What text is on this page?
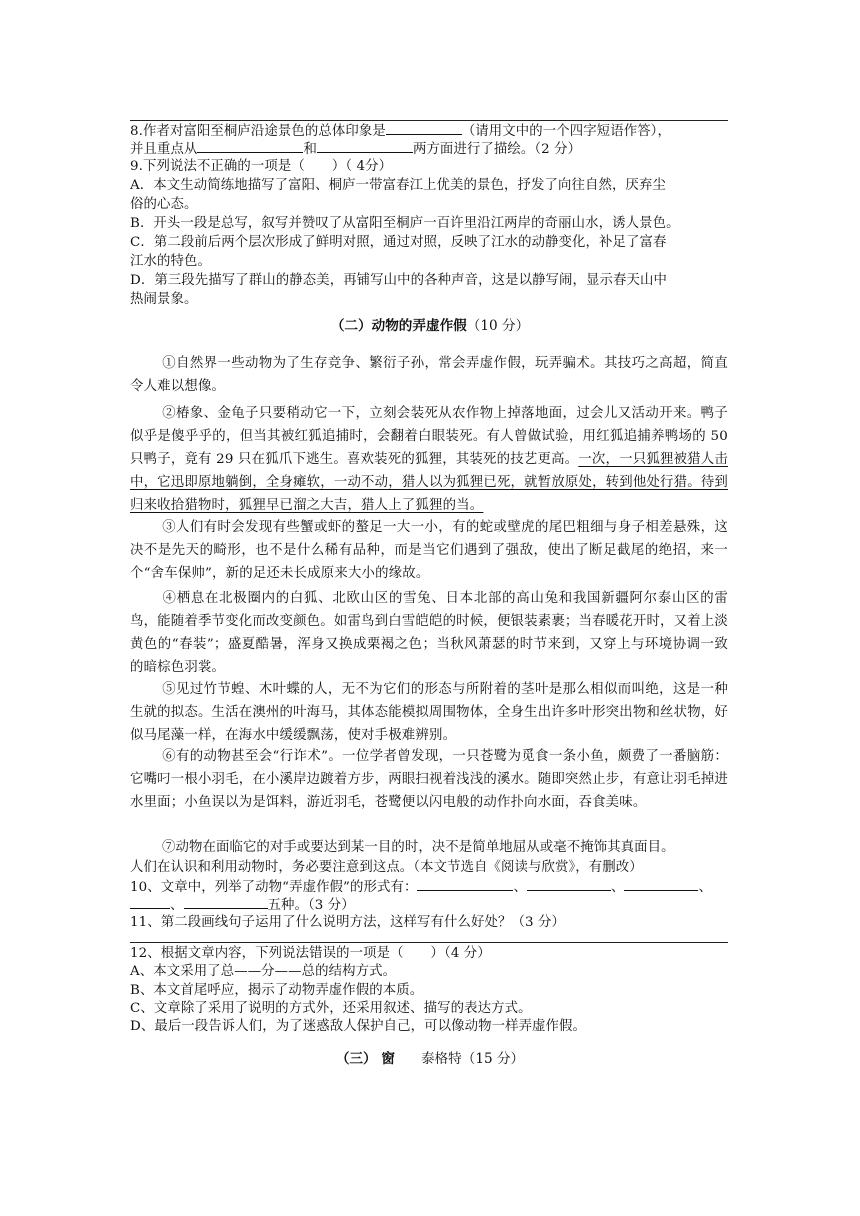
8.作者对富阳至桐庐沿途景色的总体印象是	（请用文中的一个四字短语作答），
并且重点从	和	两方面进行了描绘。（2 分）
9.下列说法不正确的一项是（　　）（ 4分）
A．本文生动简练地描写了富阳、桐庐一带富春江上优美的景色，抒发了向往自然，厌弃尘
俗的心态。
B．开头一段是总写，叙写并赞叹了从富阳至桐庐一百许里沿江两岸的奇丽山水，诱人景色。
C．第二段前后两个层次形成了鲜明对照，通过对照，反映了江水的动静变化，补足了富春
江水的特色。
D．第三段先描写了群山的静态美，再铺写山中的各种声音，这是以静写闹，显示春天山中
热闹景象。
（二）动物的弄虚作假（10 分）
①自然界一些动物为了生存竞争、繁衍子孙，常会弄虚作假，玩弄骗术。其技巧之高超，简直令人难以想像。
②椿象、金龟子只要稍动它一下，立刻会装死从农作物上掉落地面，过会儿又活动开来。鸭子似乎是傻乎乎的，但当其被红狐追捕时，会翻着白眼装死。有人曾做试验，用红狐追捕养鸭场的 50 只鸭子，竟有 29 只在狐爪下逃生。喜欢装死的狐狸，其装死的技艺更高。一次，一只狐狸被猎人击中，它迅即原地躺倒，全身瘫软，一动不动，猎人以为狐狸已死，就暂放原处，转到他处行猎。待到归来收拾猎物时，狐狸早已溜之大吉，猎人上了狐狸的当。
③人们有时会发现有些蟹或虾的螯足一大一小，有的蛇或壁虎的尾巴粗细与身子相差悬殊，这决不是先天的畸形，也不是什么稀有品种，而是当它们遇到了强敌，使出了断足截尾的绝招，来一个“舍车保帅”，新的足还未长成原来大小的缘故。
④栖息在北极圈内的白狐、北欧山区的雪兔、日本北部的高山兔和我国新疆阿尔泰山区的雷鸟，能随着季节变化而改变颜色。如雷鸟到白雪皑皑的时候，便银装素裹；当春暖花开时，又着上淡黄色的“春装”；盛夏酷暑，浑身又换成栗褐之色；当秋风萧瑟的时节来到，又穿上与环境协调一致的暗棕色羽裳。
⑤见过竹节蝗、木叶蝶的人，无不为它们的形态与所附着的茎叶是那么相似而叫绝，这是一种生就的拟态。生活在澳州的叶海马，其体态能模拟周围物体，全身生出许多叶形突出物和丝状物，好似马尾藻一样，在海水中缓缓飘荡，使对手极难辨别。
⑥有的动物甚至会“行诈术”。一位学者曾发现，一只苍鹭为觅食一条小鱼，颇费了一番脑筋：它嘴叼一根小羽毛，在小溪岸边踱着方步，两眼扫视着浅浅的溪水。随即突然止步，有意让羽毛掉进水里面；小鱼误以为是饵料，游近羽毛，苍鹭便以闪电般的动作扑向水面，吞食美味。
⑦动物在面临它的对手或要达到某一目的时，决不是简单地屈从或毫不掩饰其真面目。
人们在认识和利用动物时，务必要注意到这点。（本文节选自《阅读与欣赏》，有删改）
10、文章中，列举了动物“弄虚作假”的形式有：	、	、	、
、	五种。（3 分）
11、第二段画线句子运用了什么说明方法，这样写有什么好处？（3 分）
12、根据文章内容，下列说法错误的一项是（　　）（4 分）
A、本文采用了总——分——总的结构方式。
B、本文首尾呼应，揭示了动物弄虚作假的本质。
C、文章除了采用了说明的方式外，还采用叙述、描写的表达方式。
D、最后一段告诉人们，为了迷惑敌人保护自己，可以像动物一样弄虚作假。
（三） 窗 泰格特（15 分）
